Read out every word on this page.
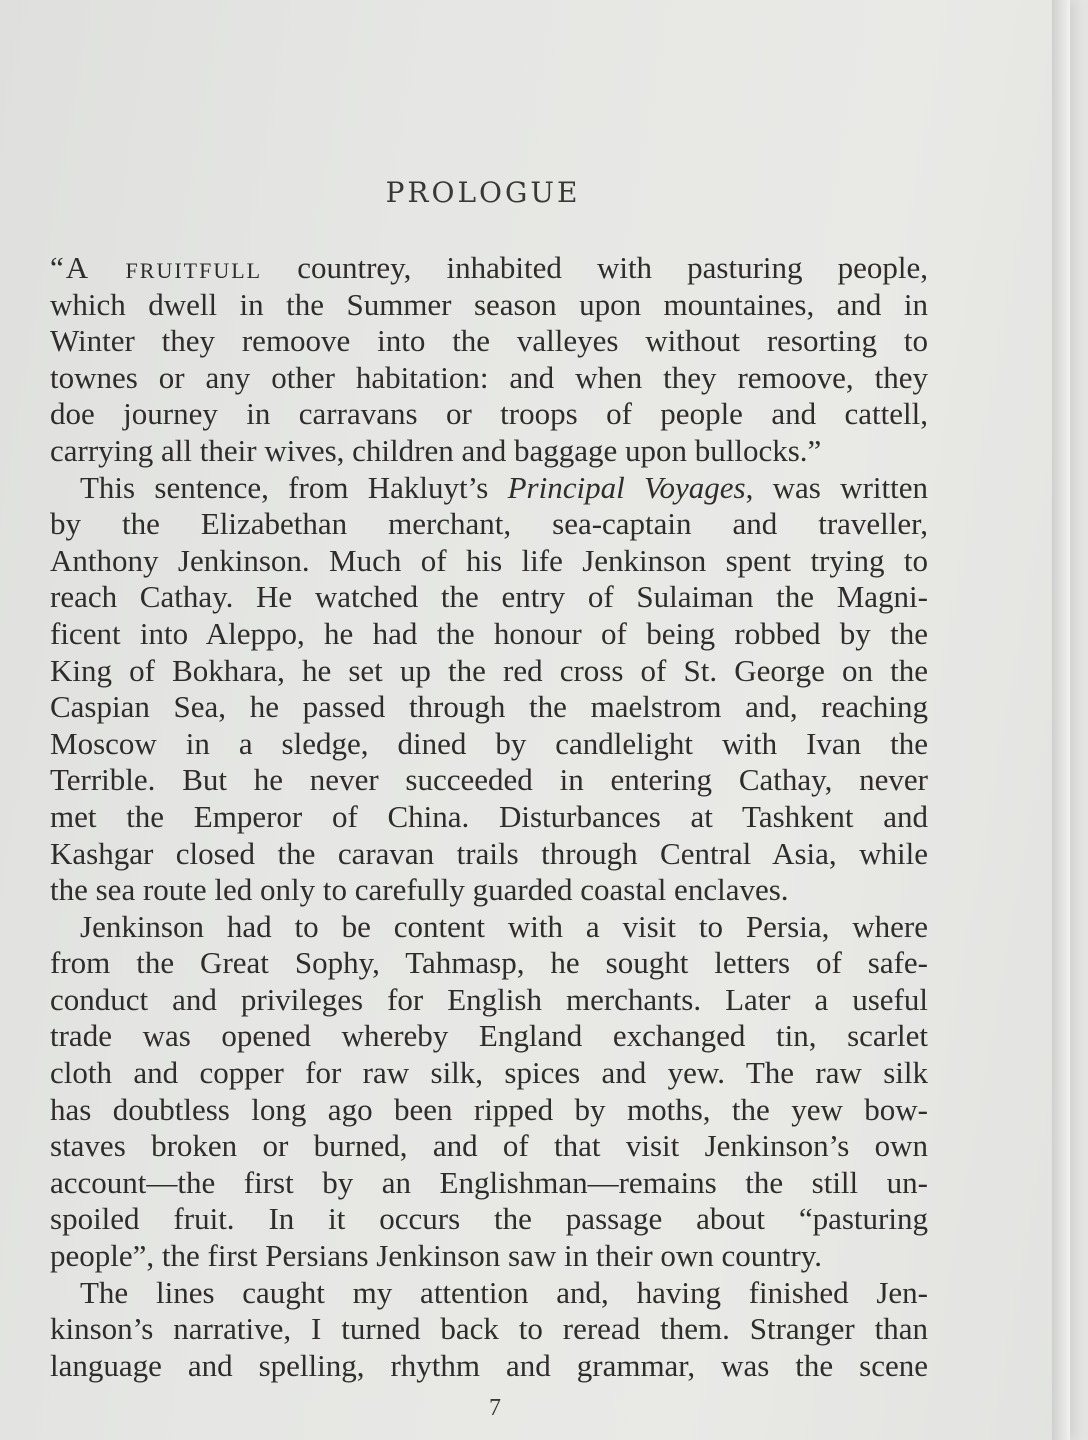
PROLOGUE
“A fruitfull countrey, inhabited with pasturing people,
which dwell in the Summer season upon mountaines, and in
Winter they remoove into the valleyes without resorting to
townes or any other habitation: and when they remoove, they
doe journey in carravans or troops of people and cattell,
carrying all their wives, children and baggage upon bullocks.”
This sentence, from Hakluyt’s Principal Voyages, was written
by the Elizabethan merchant, sea-captain and traveller,
Anthony Jenkinson. Much of his life Jenkinson spent trying to
reach Cathay. He watched the entry of Sulaiman the Magni-
ficent into Aleppo, he had the honour of being robbed by the
King of Bokhara, he set up the red cross of St. George on the
Caspian Sea, he passed through the maelstrom and, reaching
Moscow in a sledge, dined by candlelight with Ivan the
Terrible. But he never succeeded in entering Cathay, never
met the Emperor of China. Disturbances at Tashkent and
Kashgar closed the caravan trails through Central Asia, while
the sea route led only to carefully guarded coastal enclaves.
Jenkinson had to be content with a visit to Persia, where
from the Great Sophy, Tahmasp, he sought letters of safe-
conduct and privileges for English merchants. Later a useful
trade was opened whereby England exchanged tin, scarlet
cloth and copper for raw silk, spices and yew. The raw silk
has doubtless long ago been ripped by moths, the yew bow-
staves broken or burned, and of that visit Jenkinson’s own
account—the first by an Englishman—remains the still un-
spoiled fruit. In it occurs the passage about “pasturing
people”, the first Persians Jenkinson saw in their own country.
The lines caught my attention and, having finished Jen-
kinson’s narrative, I turned back to reread them. Stranger than
language and spelling, rhythm and grammar, was the scene
7
